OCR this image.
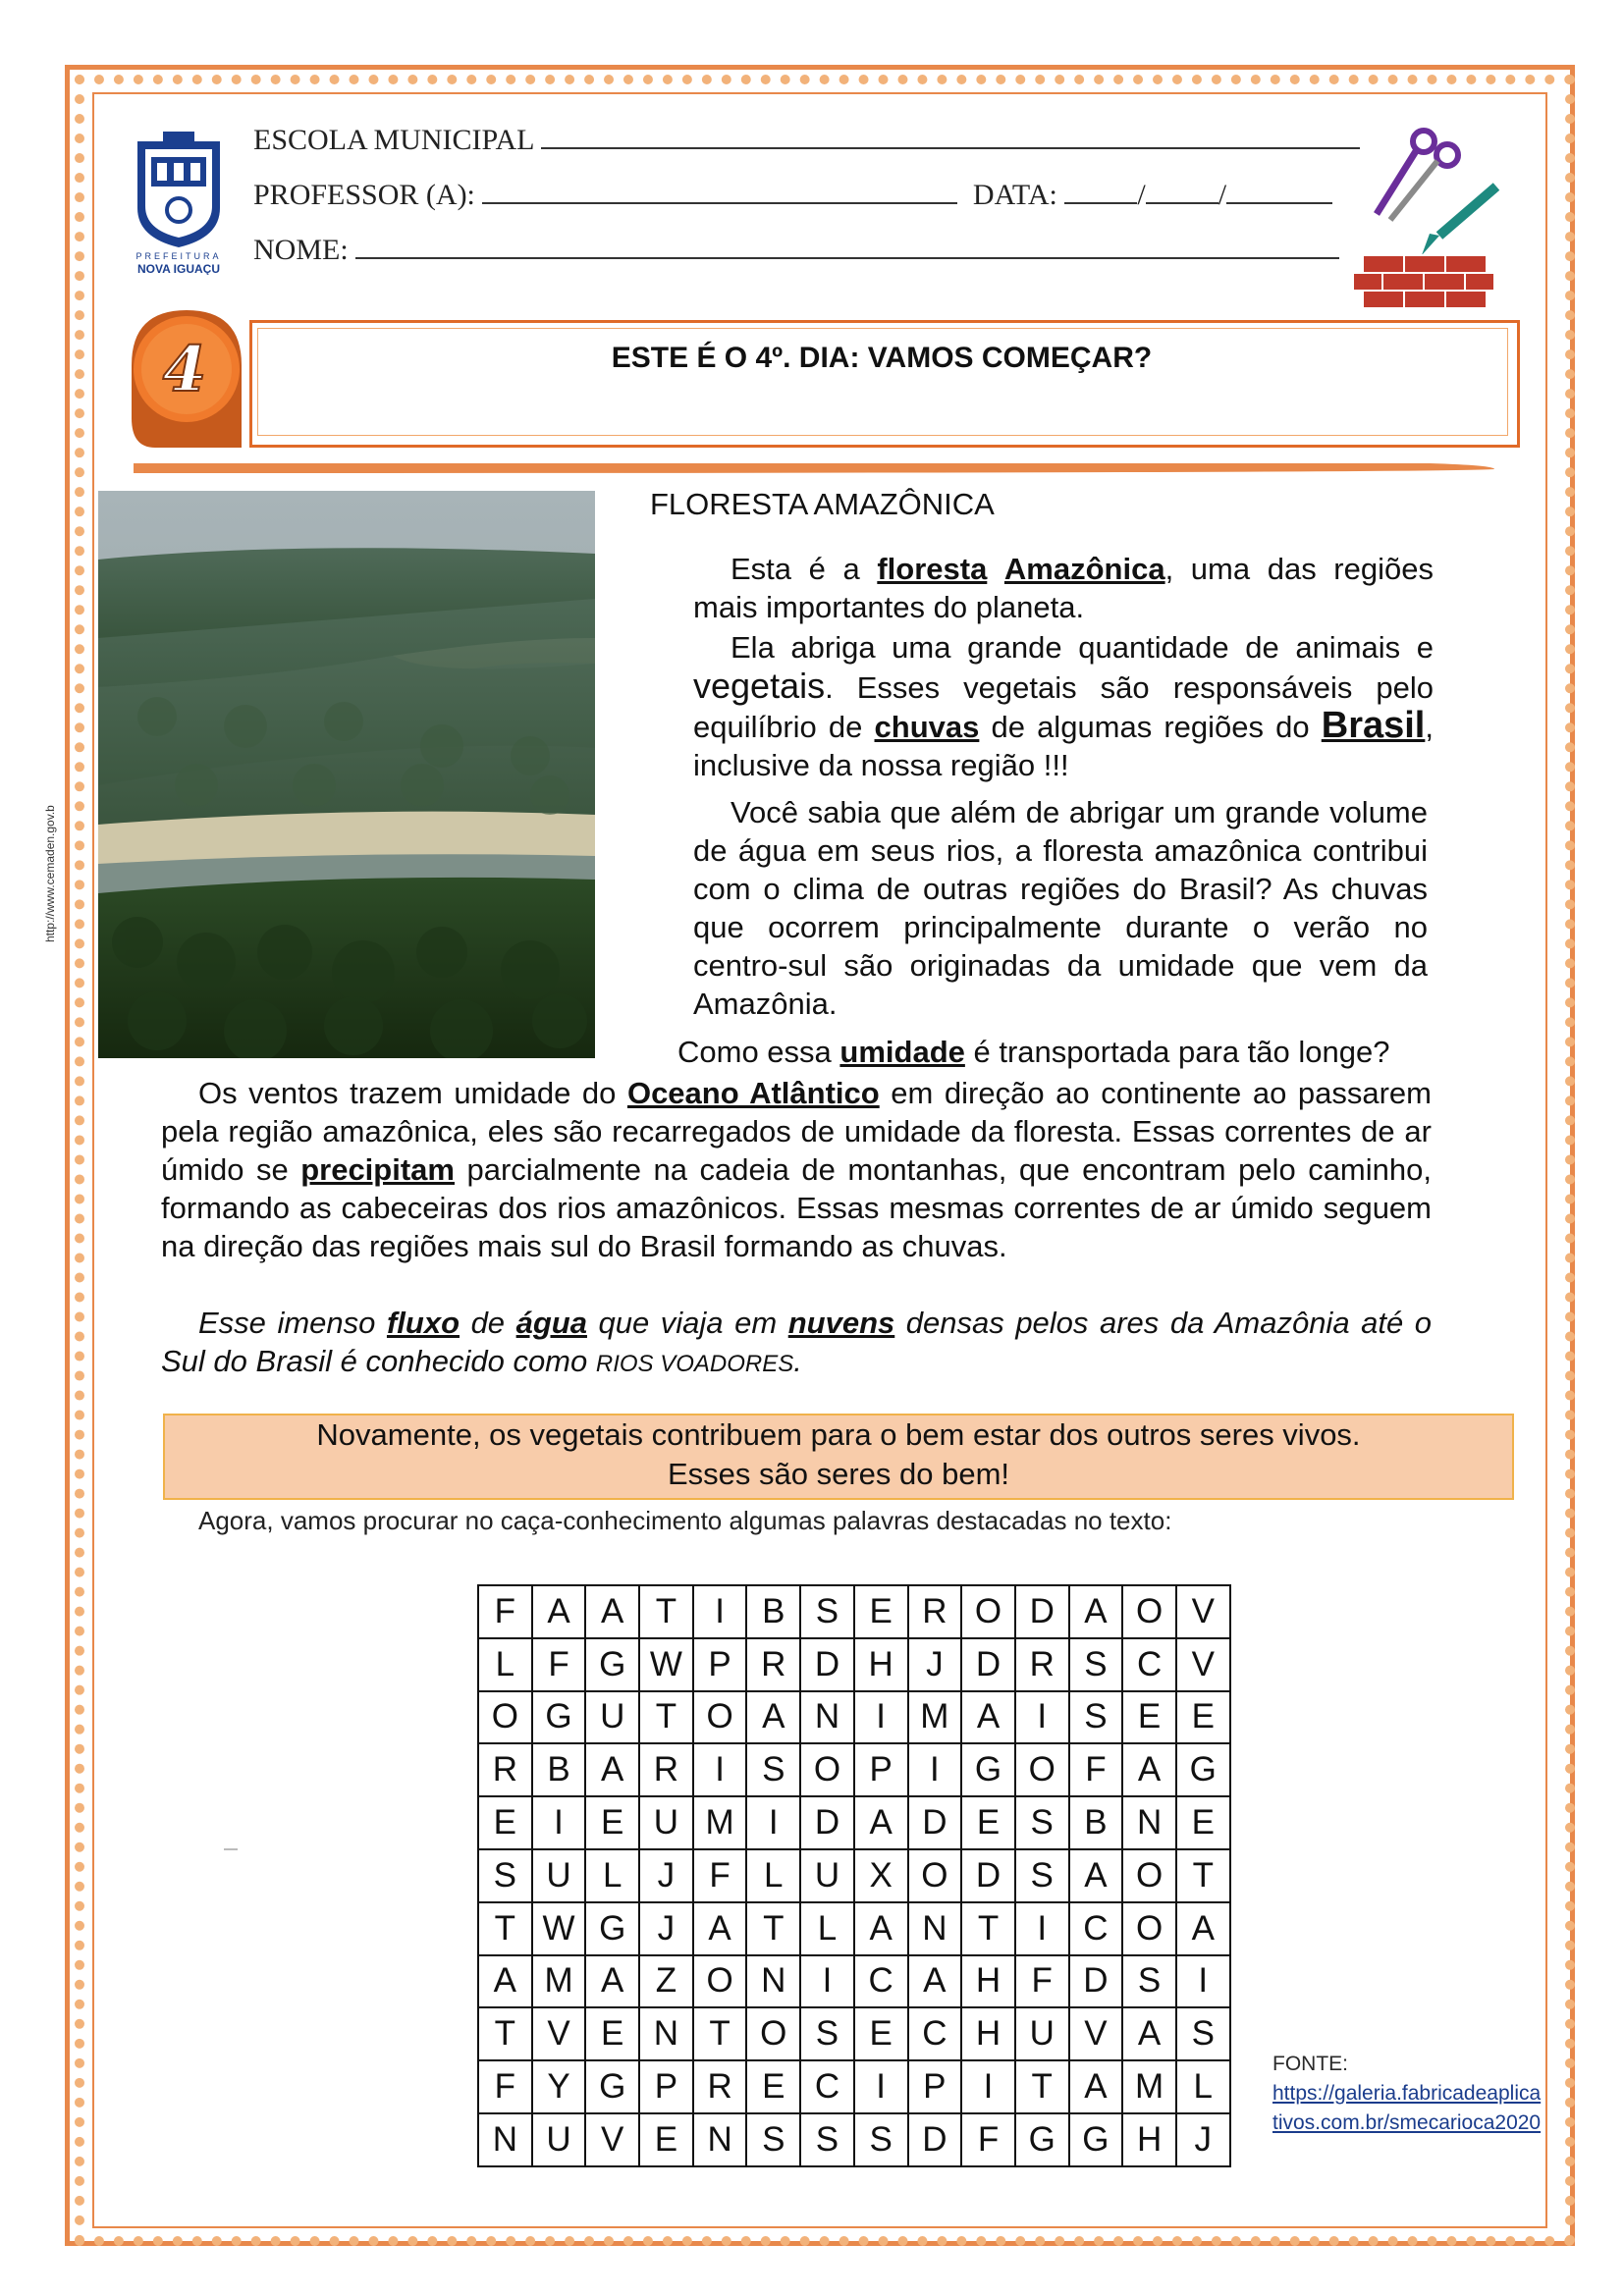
PREFEITURA
NOVA IGUAÇU
ESCOLA MUNICIPAL
PROFESSOR (A):	DATA:	/ /
NOME:
4	ESTE É O 4º. DIA: VAMOS COMEÇAR?
http://www.cemaden.gov.b
FLORESTA AMAZÔNICA
Esta é a floresta Amazônica, uma das regiões mais importantes do planeta.
Ela abriga uma grande quantidade de animais e vegetais. Esses vegetais são responsáveis pelo equilíbrio de chuvas de algumas regiões do Brasil, inclusive da nossa região !!!
Você sabia que além de abrigar um grande volume de água em seus rios, a floresta amazônica contribui com o clima de outras regiões do Brasil? As chuvas que ocorrem principalmente durante o verão no centro-sul são originadas da umidade que vem da Amazônia.
Como essa umidade é transportada para tão longe?
Os ventos trazem umidade do Oceano Atlântico em direção ao continente ao passarem pela região amazônica, eles são recarregados de umidade da floresta. Essas correntes de ar úmido se precipitam parcialmente na cadeia de montanhas, que encontram pelo caminho, formando as cabeceiras dos rios amazônicos. Essas mesmas correntes de ar úmido seguem na direção das regiões mais sul do Brasil formando as chuvas.
Esse imenso fluxo de água que viaja em nuvens densas pelos ares da Amazônia até o Sul do Brasil é conhecido como RIOS VOADORES.
Novamente, os vegetais contribuem para o bem estar dos outros seres vivos.
Esses são seres do bem!
Agora, vamos procurar no caça-conhecimento algumas palavras destacadas no texto:
F	A	A	T	I	B	S	E	R	O	D	A	O	V
L	F	G	W	P	R	D	H	J	D	R	S	C	V
O	G	U	T	O	A	N	I	M	A	I	S	E	E
R	B	A	R	I	S	O	P	I	G	O	F	A	G
E	I	E	U	M	I	D	A	D	E	S	B	N	E
S	U	L	J	F	L	U	X	O	D	S	A	O	T
T	W	G	J	A	T	L	A	N	T	I	C	O	A
A	M	A	Z	O	N	I	C	A	H	F	D	S	I
T	V	E	N	T	O	S	E	C	H	U	V	A	S
F	Y	G	P	R	E	C	I	P	I	T	A	M	L
N	U	V	E	N	S	S	S	D	F	G	G	H	J
FONTE:
https://galeria.fabricadeaplica
tivos.com.br/smecarioca2020
